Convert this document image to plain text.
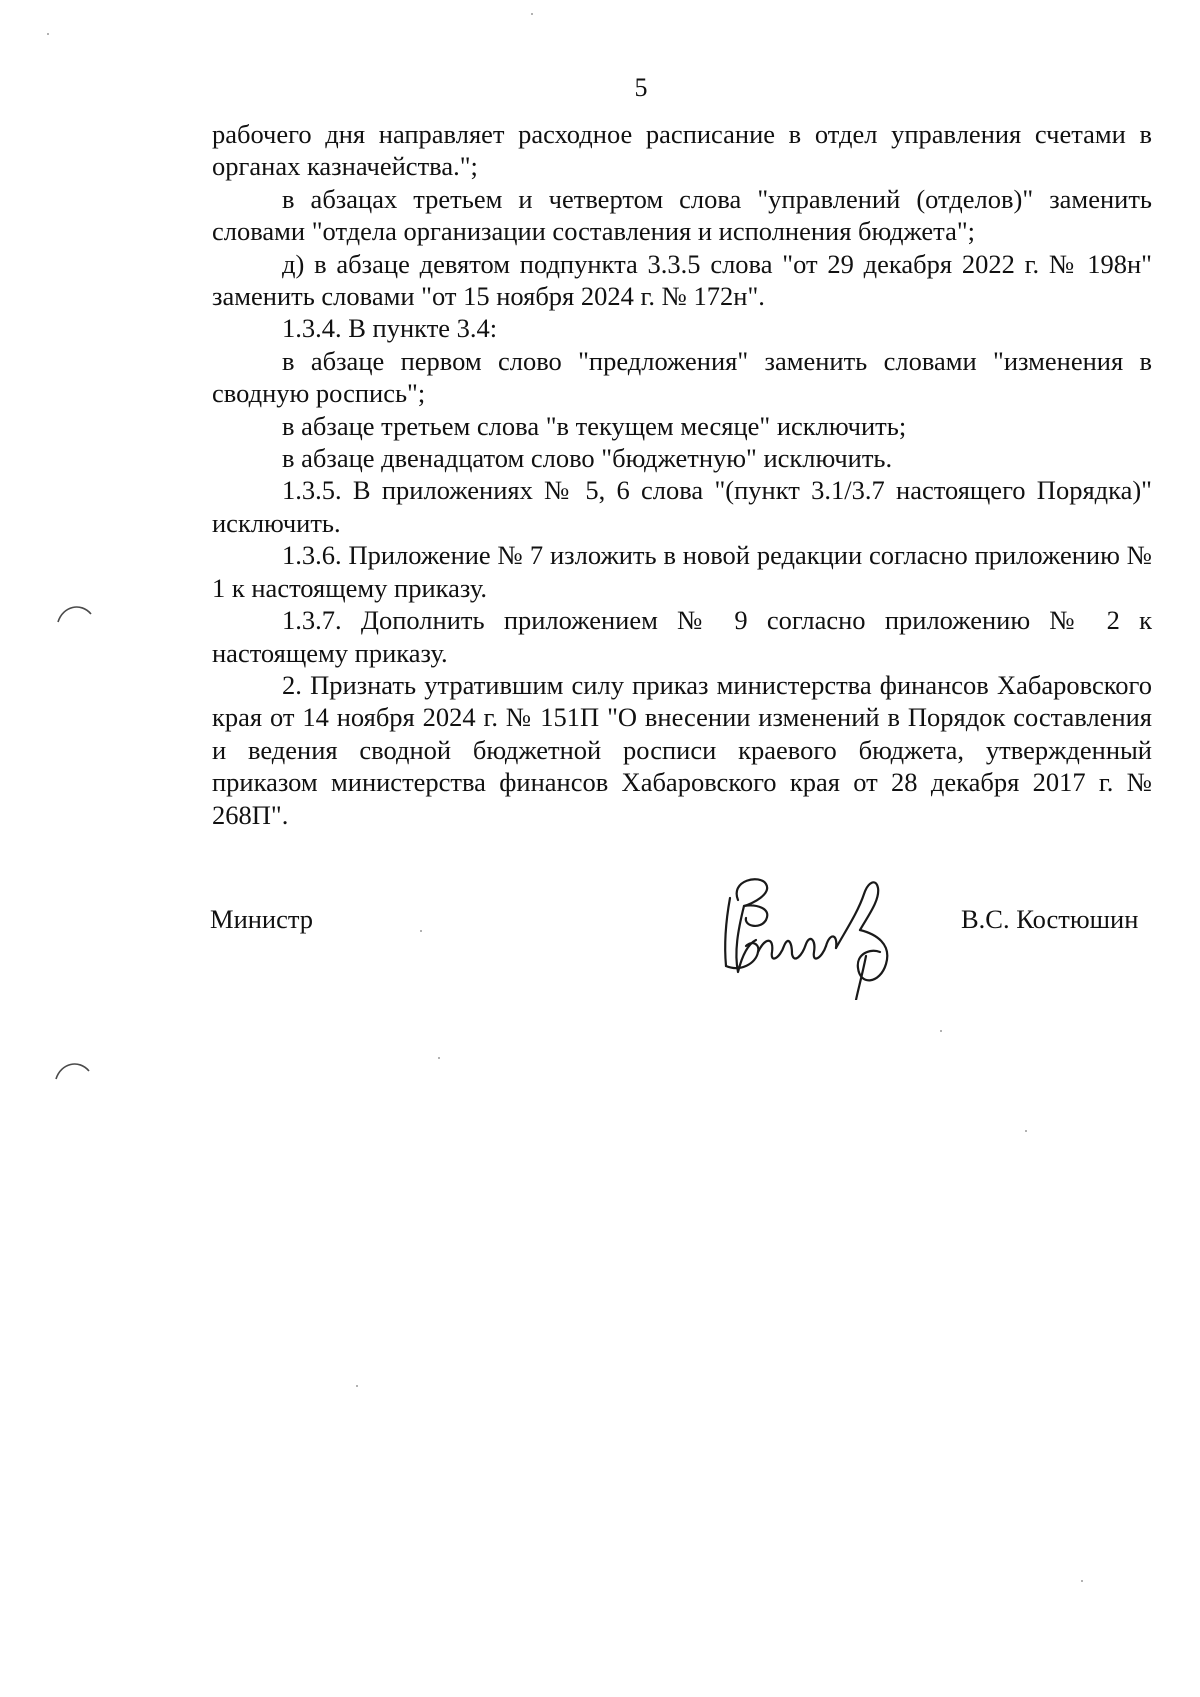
5

рабочего дня направляет расходное расписание в отдел управления счетами в органах казначейства.";

в абзацах третьем и четвертом слова "управлений (отделов)" заменить словами "отдела организации составления и исполнения бюджета";

д) в абзаце девятом подпункта 3.3.5 слова "от 29 декабря 2022 г. № 198н" заменить словами "от 15 ноября 2024 г. № 172н".

1.3.4. В пункте 3.4:

в абзаце первом слово "предложения" заменить словами "изменения в сводную роспись";

в абзаце третьем слова "в текущем месяце" исключить;

в абзаце двенадцатом слово "бюджетную" исключить.

1.3.5. В приложениях № 5, 6 слова "(пункт 3.1/3.7 настоящего Порядка)" исключить.

1.3.6. Приложение № 7 изложить в новой редакции согласно приложению № 1 к настоящему приказу.

1.3.7. Дополнить приложением № 9 согласно приложению № 2 к настоящему приказу.

2. Признать утратившим силу приказ министерства финансов Хабаровского края от 14 ноября 2024 г. № 151П "О внесении изменений в Порядок составления и ведения сводной бюджетной росписи краевого бюджета, утвержденный приказом министерства финансов Хабаровского края от 28 декабря 2017 г. № 268П".

Министр	В.С. Костюшин
